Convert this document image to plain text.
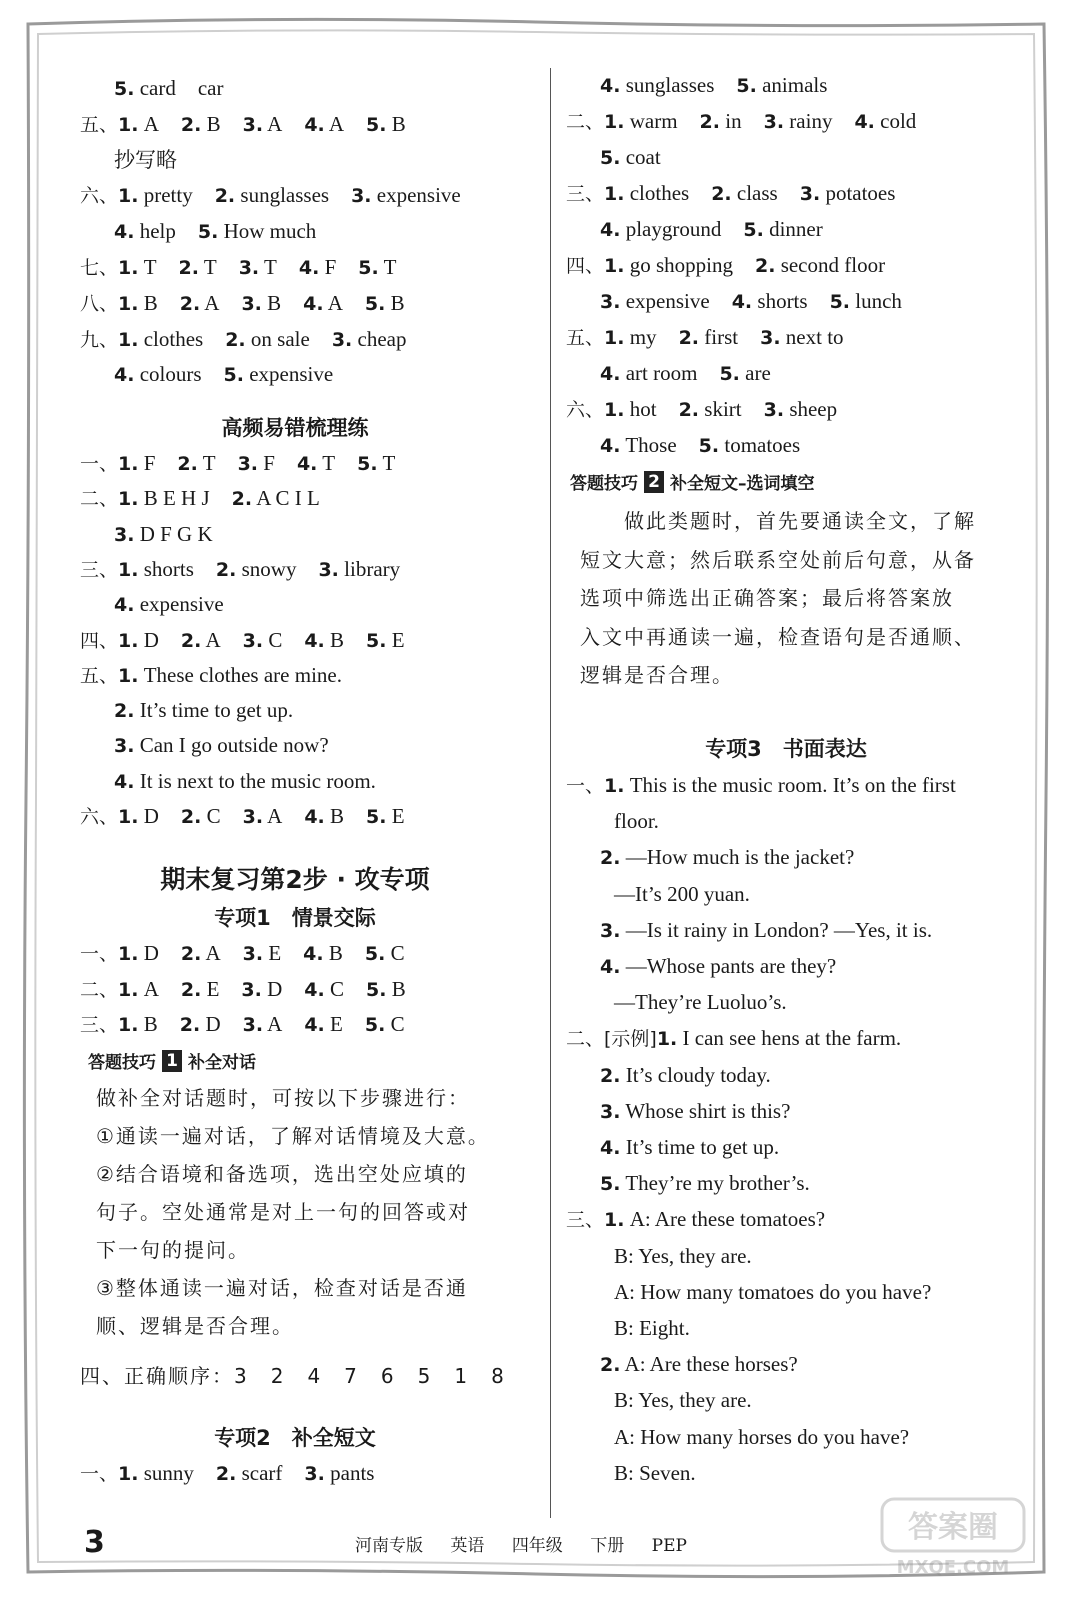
5. card car
五、1. A 2. B 3. A 4. A 5. B
抄写略
六、1. pretty 2. sunglasses 3. expensive
4. help 5. How much
七、1. T 2. T 3. T 4. F 5. T
八、1. B 2. A 3. B 4. A 5. B
九、1. clothes 2. on sale 3. cheap
4. colours 5. expensive
高频易错梳理练
一、1. F 2. T 3. F 4. T 5. T
二、1. B E H J 2. A C I L
3. D F G K
三、1. shorts 2. snowy 3. library
4. expensive
四、1. D 2. A 3. C 4. B 5. E
五、1. These clothes are mine.
2. It’s time to get up.
3. Can I go outside now?
4. It is next to the music room.
六、1. D 2. C 3. A 4. B 5. E
期末复习第2步 · 攻专项
专项1　情景交际
一、1. D 2. A 3. E 4. B 5. C
二、1. A 2. E 3. D 4. C 5. B
三、1. B 2. D 3. A 4. E 5. C
答题技巧 1 补全对话
做补全对话题时，可按以下步骤进行：
①通读一遍对话，了解对话情境及大意。
②结合语境和备选项，选出空处应填的
句子。空处通常是对上一句的回答或对
下一句的提问。
③整体通读一遍对话，检查对话是否通
顺、逻辑是否合理。
四、正确顺序：3　2　4　7　6　5　1　8
专项2　补全短文
一、1. sunny 2. scarf 3. pants
4. sunglasses 5. animals
二、1. warm 2. in 3. rainy 4. cold
5. coat
三、1. clothes 2. class 3. potatoes
4. playground 5. dinner
四、1. go shopping 2. second floor
3. expensive 4. shorts 5. lunch
五、1. my 2. first 3. next to
4. art room 5. are
六、1. hot 2. skirt 3. sheep
4. Those 5. tomatoes
答题技巧 2 补全短文–选词填空
　　做此类题时，首先要通读全文，了解
短文大意；然后联系空处前后句意，从备
选项中筛选出正确答案；最后将答案放
入文中再通读一遍，检查语句是否通顺、
逻辑是否合理。
专项3　书面表达
一、1. This is the music room. It’s on the first
floor.
2. —How much is the jacket?
—It’s 200 yuan.
3. —Is it rainy in London? —Yes, it is.
4. —Whose pants are they?
—They’re Luoluo’s.
二、[示例]1. I can see hens at the farm.
2. It’s cloudy today.
3. Whose shirt is this?
4. It’s time to get up.
5. They’re my brother’s.
三、1. A: Are these tomatoes?
B: Yes, they are.
A: How many tomatoes do you have?
B: Eight.
2. A: Are these horses?
B: Yes, they are.
A: How many horses do you have?
B: Seven.
3	河南专版 英语 四年级 下册 PEP
答案圈
MXQE.COM
